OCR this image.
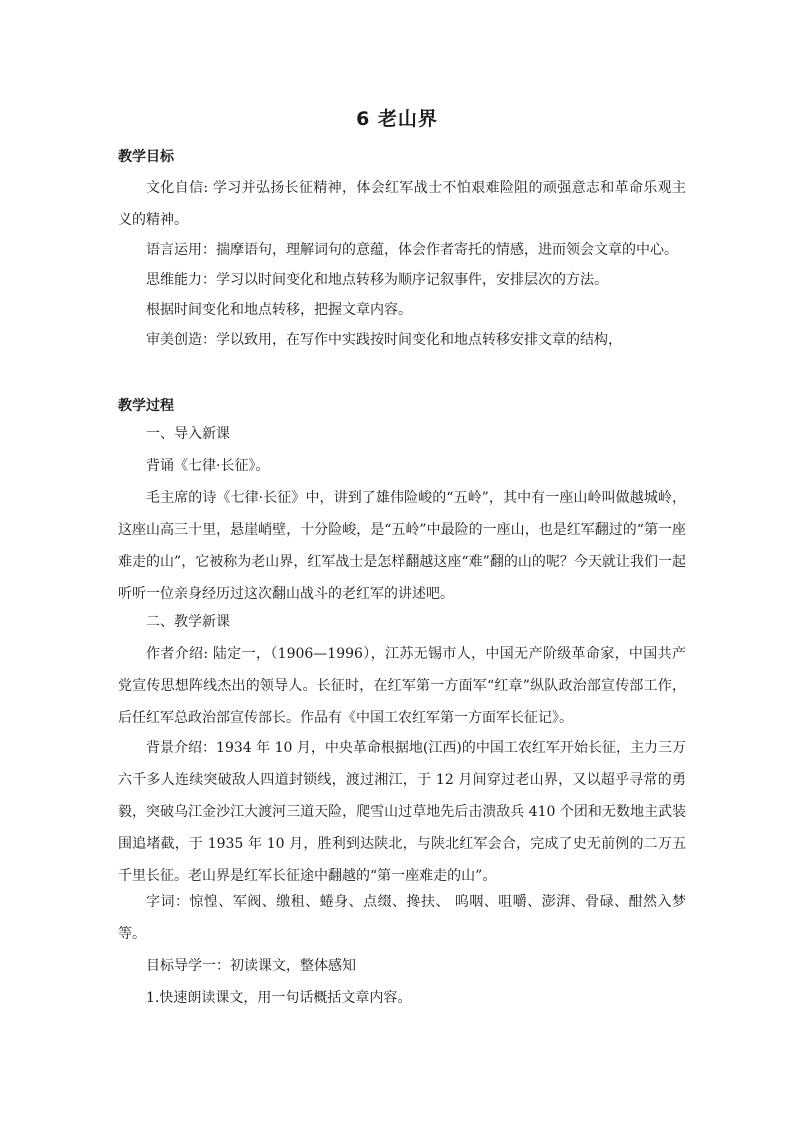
6 老山界
教学目标

文化自信: 学习并弘扬长征精神，体会红军战士不怕艰难险阻的顽强意志和革命乐观主义的精神。

语言运用：揣摩语句，理解词句的意蕴，体会作者寄托的情感，进而领会文章的中心。

思维能力：学习以时间变化和地点转移为顺序记叙事件，安排层次的方法。

根据时间变化和地点转移，把握文章内容。

审美创造：学以致用，在写作中实践按时间变化和地点转移安排文章的结构，

教学过程

一、导入新课

背诵《七律·长征》。

毛主席的诗《七律·长征》中，讲到了雄伟险峻的“五岭”，其中有一座山岭叫做越城岭，这座山高三十里，悬崖峭壁，十分险峻，是“五岭”中最险的一座山，也是红军翻过的“第一座难走的山”，它被称为老山界，红军战士是怎样翻越这座“难”翻的山的呢？今天就让我们一起听听一位亲身经历过这次翻山战斗的老红军的讲述吧。

二、教学新课

作者介绍: 陆定一，（1906—1996），江苏无锡市人，中国无产阶级革命家，中国共产党宣传思想阵线杰出的领导人。长征时，在红军第一方面军“红章”纵队政治部宣传部工作，后任红军总政治部宣传部长。作品有《中国工农红军第一方面军长征记》。

背景介绍：1934 年 10 月，中央革命根据地(江西)的中国工农红军开始长征，主力三万六千多人连续突破敌人四道封锁线，渡过湘江，于 12 月间穿过老山界，又以超乎寻常的勇毅，突破乌江金沙江大渡河三道天险，爬雪山过草地先后击溃敌兵 410 个团和无数地主武装围追堵截，于 1935 年 10 月，胜利到达陕北，与陕北红军会合，完成了史无前例的二万五千里长征。老山界是红军长征途中翻越的“第一座难走的山”。

字词：惊惶、军阀、缴租、蜷身、点缀、搀扶、 呜咽、咀嚼、澎湃、骨碌、酣然入梦等。

目标导学一：初读课文，整体感知

1.快速朗读课文，用一句话概括文章内容。
